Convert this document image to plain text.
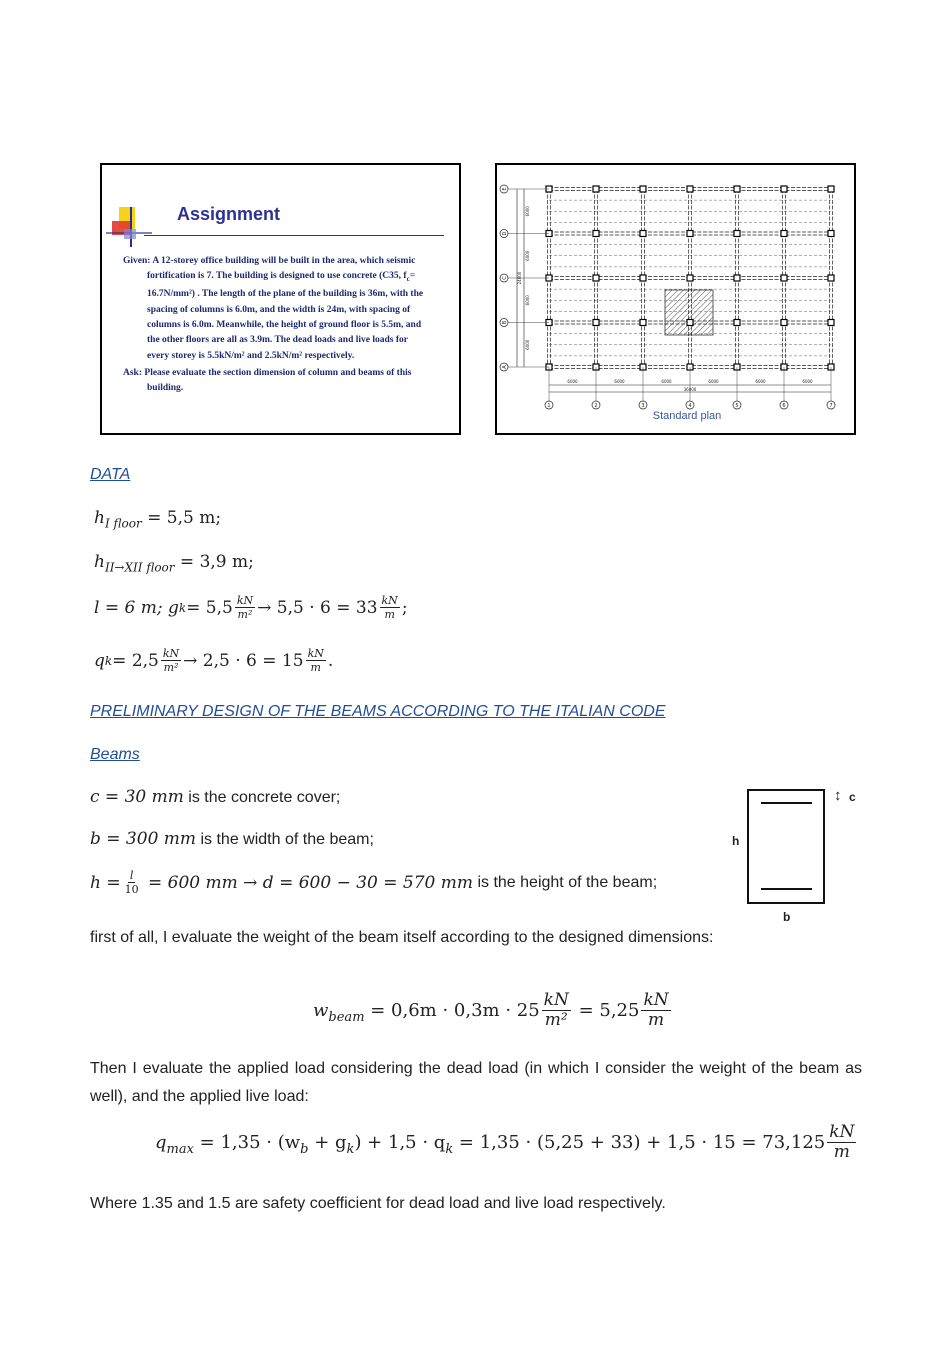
Assignment
Given: A 12-storey office building will be built in the area, which seismic
fortification is 7. The building is designed to use concrete (C35, $f_c=$
16.7N/mm²) . The length of the plane of the building is 36m, with the
spacing of columns is 6.0m, and the width is 24m, with spacing of
columns is 6.0m. Meanwhile, the height of ground floor is 5.5m, and
the other floors are all as 3.9m. The dead loads and live loads for
every storey is 5.5kN/m² and 2.5kN/m² respectively.
Ask: Please evaluate the section dimension of column and beams of this
building.
6000	6000	6000	6000	6000	6000
36000
1	2	3	4	5	6	7
6000
6000
6000
6000
24000
E
D
C
B
A
Standard plan
DATA
$h_{I floor} = 5,5$ m;
$h_{II\to XII floor} = 3,9$ m;
l = 6 m; g $k = 5,5 \frac{kN}{\text{m²}} \to 5,5 \cdot 6 = 33 \frac{kN}{m}$ ;
q $k = 2,5 \frac{kN}{\text{m²}} \to 2,5 \cdot 6 = 15 \frac{kN}{m}$ .
PRELIMINARY DESIGN OF THE BEAMS ACCORDING TO THE ITALIAN CODE
Beams
c = 30 mm is the concrete cover;
b = 300 mm is the width of the beam;
$h = \frac{l}{10} = 600$ mm → d = 600 − 30 = 570 mm is the height of the beam;
h
b
↕ c
first of all, I evaluate the weight of the beam itself according to the designed dimensions:
$w_{beam} = 0,6m \cdot 0,3m \cdot 25 \frac{kN}{\text{m²}} = 5,25 \frac{kN}{m}$
Then I evaluate the applied load considering the dead load (in which I consider the weight of the beam as well), and the applied live load:
$q_{max} = 1,35 \cdot (w_b + g_k$ ) + $1,5 \cdot q_k = 1,35 \cdot (5,25 + 33) + 1,5 \cdot 15 = 73,125 \frac{kN}{m}$
Where 1.35 and 1.5 are safety coefficient for dead load and live load respectively.
